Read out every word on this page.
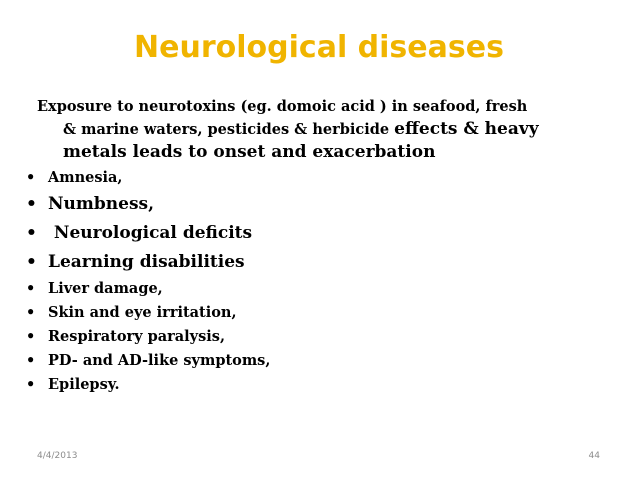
Neurological diseases
Exposure to neurotoxins (eg. domoic acid ) in seafood, fresh
& marine waters, pesticides & herbicide effects & heavy
metals leads to onset and exacerbation
• Amnesia,
• Numbness,
• Neurological deficits
• Learning disabilities
• Liver damage,
• Skin and eye irritation,
• Respiratory paralysis,
• PD- and AD-like symptoms,
• Epilepsy.
4/4/2013	44
